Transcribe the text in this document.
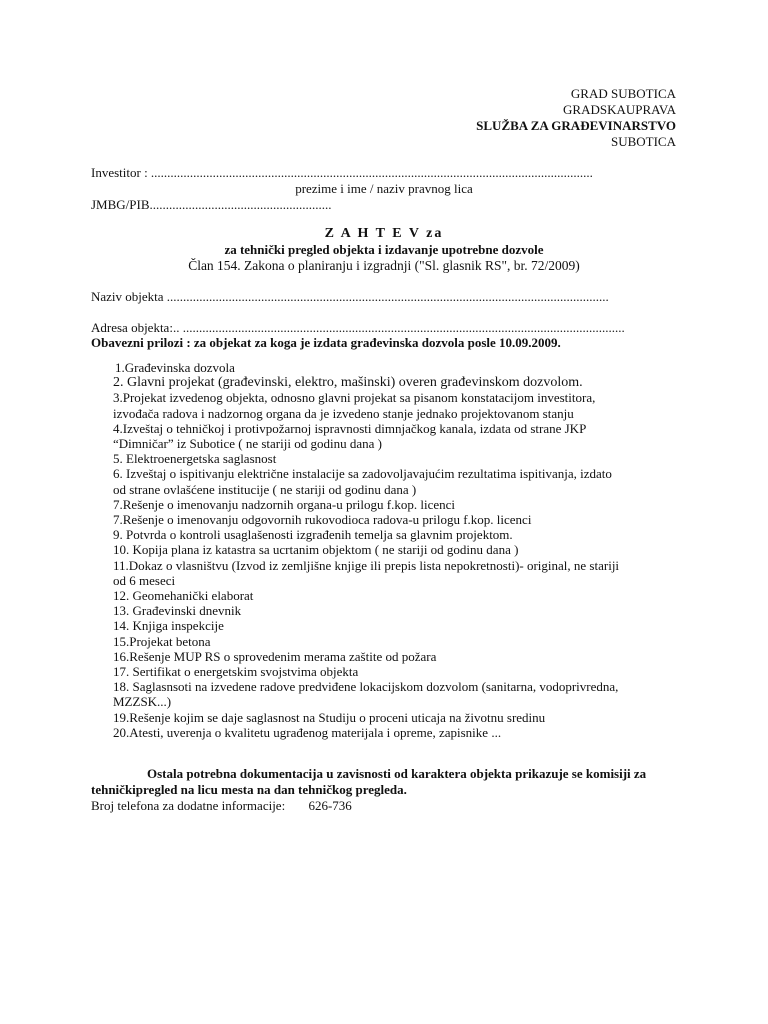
GRAD SUBOTICA
GRADSKAUPRAVA
SLUŽBA ZA GRAĐEVINARSTVO
SUBOTICA
Investitor : ........................................................................................................................................
prezime i ime / naziv pravnog lica
JMBG/PIB........................................................
Z A H T E V za
za tehnički pregled objekta i izdavanje upotrebne dozvole
Član 154. Zakona o planiranju i izgradnji ("Sl. glasnik RS", br. 72/2009)
Naziv objekta ........................................................................................................................................
Adresa objekta:.. ........................................................................................................................................
Obavezni prilozi : za objekat za koga je izdata građevinska dozvola posle 10.09.2009.
1.Građevinska dozvola
2. Glavni projekat (građevinski, elektro, mašinski) overen građevinskom dozvolom.
3.Projekat izvedenog objekta, odnosno glavni projekat sa pisanom konstatacijom investitora,
izvođača radova i nadzornog organa da je izvedeno stanje jednako projektovanom stanju
4.Izveštaj o tehničkoj i protivpožarnoj ispravnosti dimnjačkog kanala, izdata od strane JKP
“Dimničar” iz Subotice ( ne stariji od godinu dana )
5. Elektroenergetska saglasnost
6. Izveštaj o ispitivanju električne instalacije sa zadovoljavajućim rezultatima ispitivanja, izdato
od strane ovlašćene institucije ( ne stariji od godinu dana )
7.Rešenje o imenovanju nadzornih organa-u prilogu f.kop. licenci
7.Rešenje o imenovanju odgovornih rukovodioca radova-u prilogu f.kop. licenci
9. Potvrda o kontroli usaglašenosti izgrađenih temelja sa glavnim projektom.
10. Kopija plana iz katastra sa ucrtanim objektom ( ne stariji od godinu dana )
11.Dokaz o vlasništvu (Izvod iz zemljišne knjige ili prepis lista nepokretnosti)- original, ne stariji
od 6 meseci
12. Geomehanički elaborat
13. Građevinski dnevnik
14. Knjiga inspekcije
15.Projekat betona
16.Rešenje MUP RS o sprovedenim merama zaštite od požara
17. Sertifikat o energetskim svojstvima objekta
18. Saglasnsoti na izvedene radove predviđene lokacijskom dozvolom (sanitarna, vodoprivredna,
MZZSK...)
19.Rešenje kojim se daje saglasnost na Studiju o proceni uticaja na životnu sredinu
20.Atesti, uverenja o kvalitetu ugrađenog materijala i opreme, zapisnike ...
Ostala potrebna dokumentacija u zavisnosti od karaktera objekta prikazuje se komisiji za tehničkipregled na licu mesta na dan tehničkog pregleda.
Broj telefona za dodatne informacije: 626-736
